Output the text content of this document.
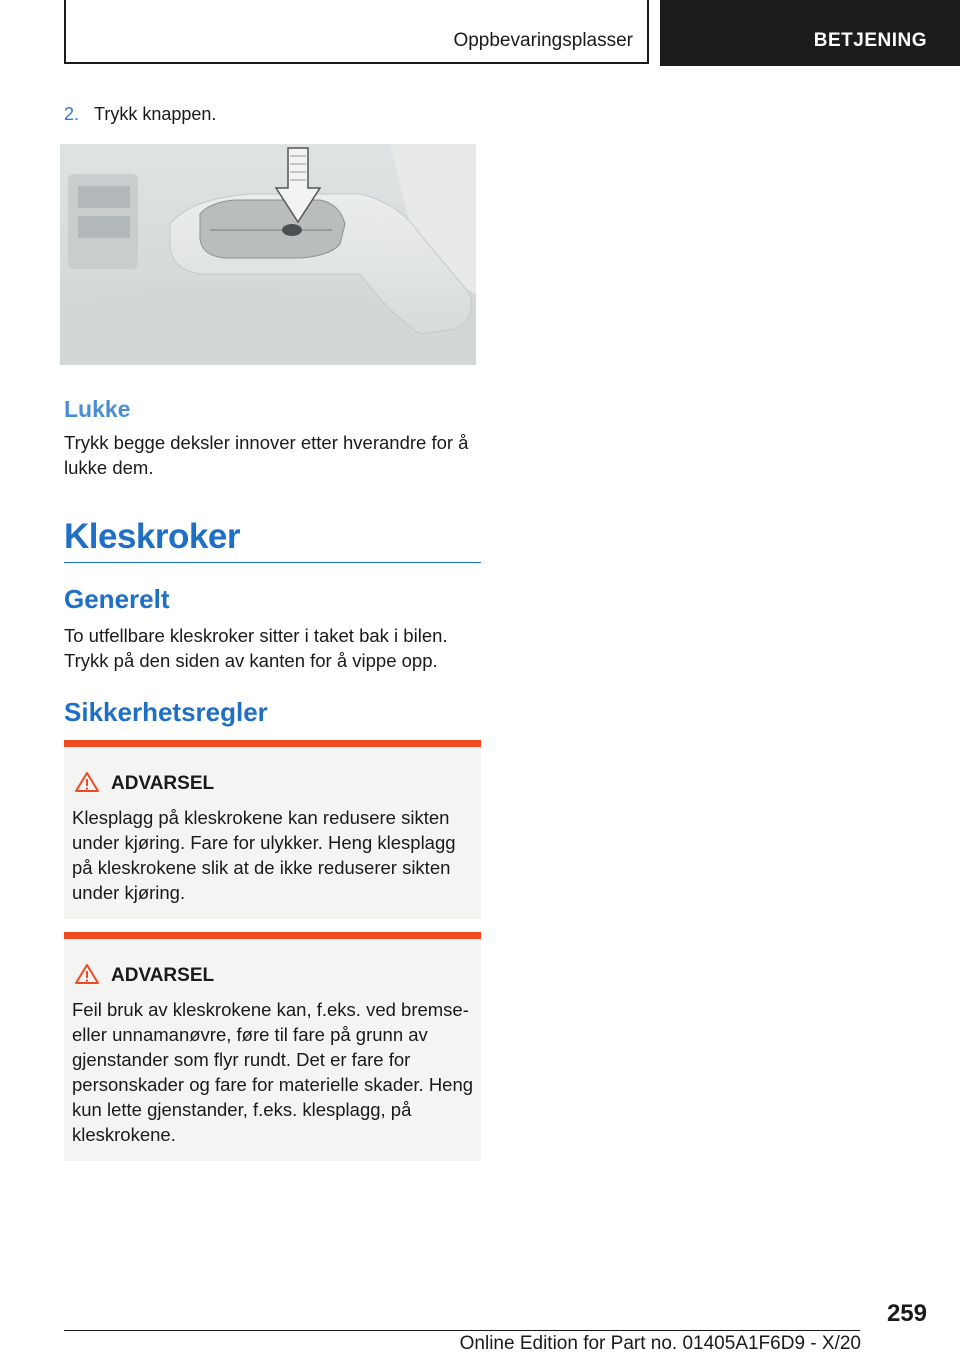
Oppbevaringsplasser	BETJENING
2. Trykk knappen.
Lukke

Trykk begge deksler innover etter hverandre for å lukke dem.

Kleskroker
Generelt

To utfellbare kleskroker sitter i taket bak i bilen. Trykk på den siden av kanten for å vippe opp.

Sikkerhetsregler
ADVARSEL

Klesplagg på kleskrokene kan redusere sikten under kjøring. Fare for ulykker. Heng klesplagg på kleskrokene slik at de ikke reduserer sikten under kjøring.

ADVARSEL

Feil bruk av kleskrokene kan, f.eks. ved bremse- eller unnamanøvre, føre til fare på grunn av gjenstander som flyr rundt. Det er fare for personskader og fare for materielle skader. Heng kun lette gjenstander, f.eks. klesplagg, på kleskrokene.

259
Online Edition for Part no. 01405A1F6D9 - X/20
